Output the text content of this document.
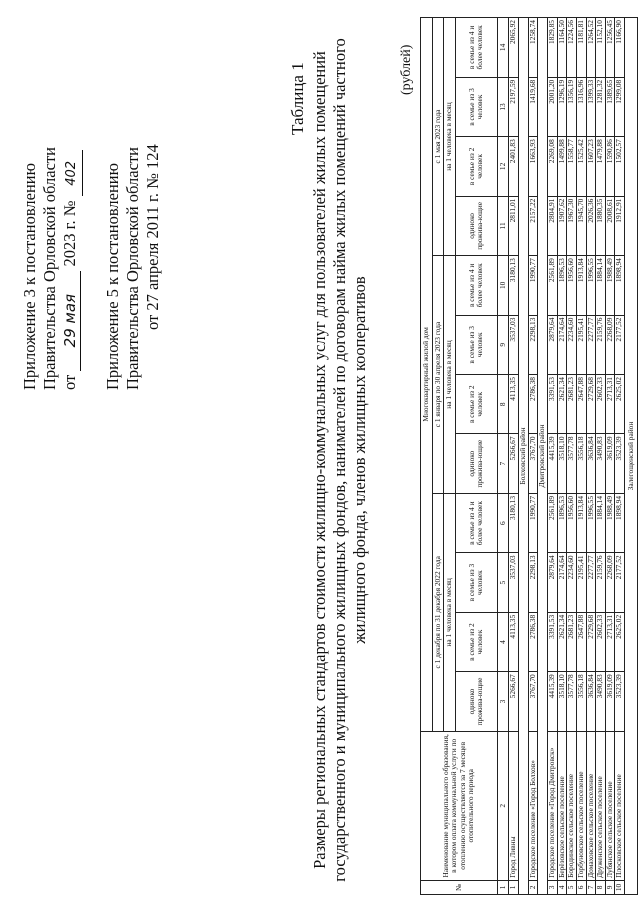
Приложение 3 к постановлению Правительства Орловской области от 29 мая 2023 г. № 402 Приложение 5 к постановлению Правительства Орловской области от 27 апреля 2011 г. № 124
Таблица 1 Размеры региональных стандартов стоимости жилищно-коммунальных услуг для пользователей жилых помещений государственного и муниципального жилищных фондов, нанимателей по договорам найма жилых помещений частного жилищного фонда, членов жилищных кооперативов
(рублей)
№	Наименование муниципального образования, в котором оплата коммунальной услуги по отоплению осуществляется за 7 месяцев отопительного периода	Многоквартирный жилой дом											
		с 1 декабря по 31 декабря 2022 года				с 1 января по 30 апреля 2023 года				с 1 мая 2023 года			
		на 1 человека в месяц				на 1 человека в месяц				на 1 человека в месяц			
		одиноко прожива-ющие	в семье из 2 человек	в семье из 3 человек	в семье из 4 и более человек	одиноко прожива-ющие	в семье из 2 человек	в семье из 3 человек	в семье из 4 и более человек	одиноко прожива-ющие	в семье из 2 человек	в семье из 3 человек	в семье из 4 и более человек
1	2	3	4	5	6	7	8	9	10	11	12	13	14
1	Город Ливны	5266,67	4113,35	3537,03	3180,13	5266,67	4113,35	3537,03	3180,13	2811,01	2401,83	2197,59	2065,92
Болховский район													
2	Городское поселение «Город Болхов»	3767,70	2786,38	2298,13	1990,77	3767,70	2786,38	2298,13	1990,77	2157,22	1663,93	1419,68	1258,74
Дмитровский район													
3	Городское поселение «Город Дмитровск»	4415,39	3391,53	2879,64	2561,89	4415,39	3391,53	2879,64	2561,89	2804,91	2269,08	2001,20	1829,85
4	Берёзовское сельское поселение	3518,10	2621,34	2174,64	1896,53	3518,10	2621,34	2174,64	1896,53	1907,62	1499,88	1296,19	1164,50
5	Бородинское сельское поселение	3577,78	2681,23	2234,60	1956,60	3577,78	2681,23	2234,60	1956,60	1967,30	1558,77	1356,19	1224,56
6	Горбуновское сельское поселение	3556,18	2647,88	2195,41	1913,84	3556,18	2647,88	2195,41	1913,84	1945,70	1525,42	1316,96	1181,81
7	Домаховское сельское поселение	3636,84	2729,68	2277,77	1996,55	3636,84	2729,68	2277,77	1996,55	2026,36	1607,23	1399,33	1264,52
8	Друженское сельское поселение	3490,83	2602,33	2159,76	1884,14	3490,83	2602,33	2159,76	1884,14	1880,35	1479,88	1281,32	1152,10
9	Лубянское сельское поселение	3619,09	2713,31	2268,09	1988,49	3619,09	2713,31	2268,09	1988,49	2008,61	1590,86	1389,65	1256,45
10	Плосковское сельское поселение	3523,39	2625,02	2177,52	1898,94	3523,39	2625,02	2177,52	1898,94	1912,91	1502,57	1299,08	1166,90
Залегощенский район													
